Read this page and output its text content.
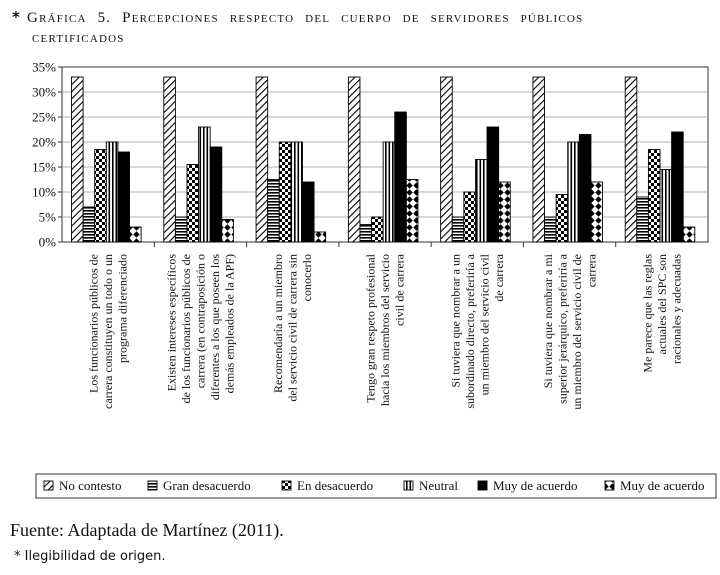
* Gráfica 5. Percepciones respecto del cuerpo de servidores públicos
certificados
0%
5%
10%
15%
20%
25%
30%
35%
Los funcionarios públicos de carrera constituyen un todo o un programa diferenciado	Existen intereses específicos de los funcionarios públicos de carrera (en contraposición o diferentes a los que poseen los demás empleados de la APF)	Recomendaría a un miembro del servicio civil de carrera sin conocerlo	Tengo gran respeto profesional hacia los miembros del servicio civil de carrera	Si tuviera que nombrar a un subordinado directo, preferiría a un miembro del servicio civil de carrera	Si tuviera que nombrar a mi superior jerárquico, preferiría a un miembro del servicio civil de carrera	Me parece que las reglas actuales del SPC son racionales y adecuadas
No contesto	Gran desacuerdo	En desacuerdo	Neutral	Muy de acuerdo	Muy de acuerdo
Fuente: Adaptada de Martínez (2011).
* Ilegibilidad de origen.
